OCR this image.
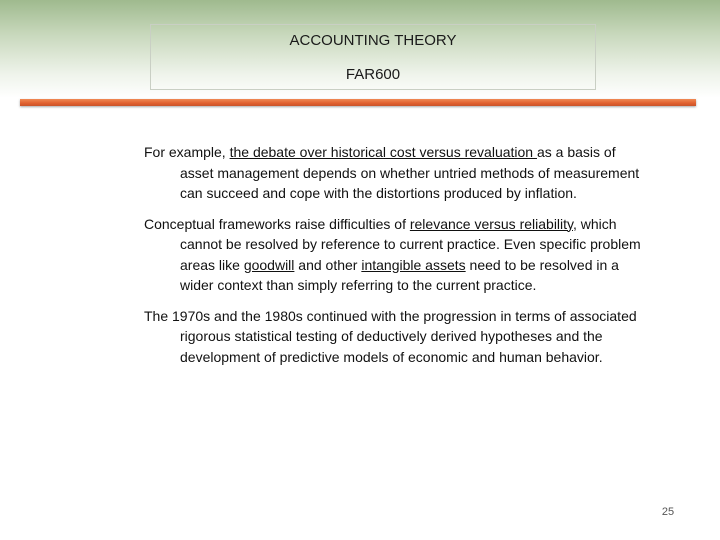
ACCOUNTING THEORY
FAR600

For example, the debate over historical cost versus revaluation as a basis of asset management depends on whether untried methods of measurement can succeed and cope with the distortions produced by inflation.

Conceptual frameworks raise difficulties of relevance versus reliability, which cannot be resolved by reference to current practice. Even specific problem areas like goodwill and other intangible assets need to be resolved in a wider context than simply referring to the current practice.

The 1970s and the 1980s continued with the progression in terms of associated rigorous statistical testing of deductively derived hypotheses and the development of predictive models of economic and human behavior.

25
